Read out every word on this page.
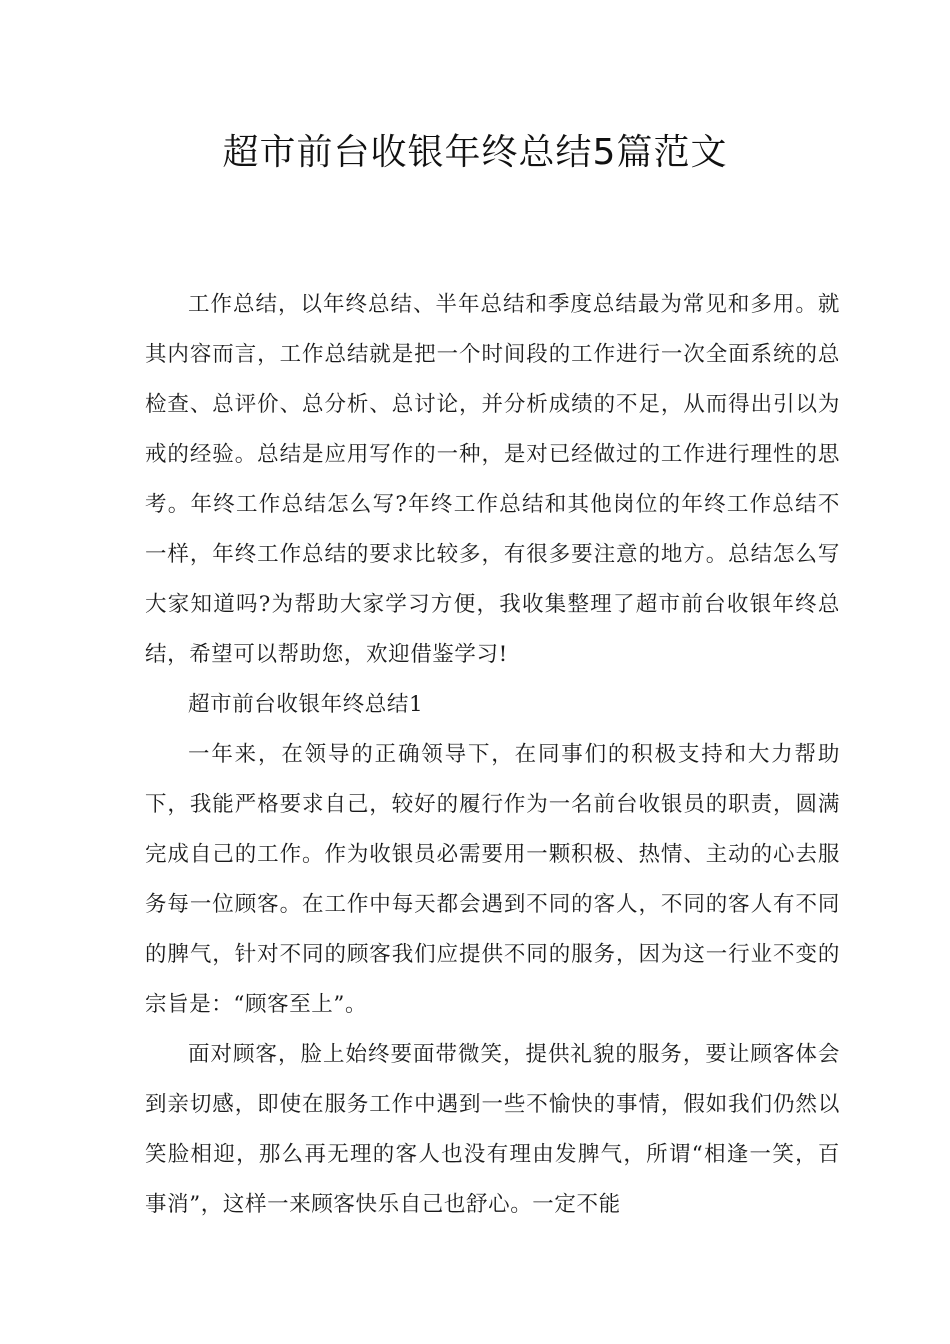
超市前台收银年终总结5篇范文

工作总结，以年终总结、半年总结和季度总结最为常见和多用。就其内容而言，工作总结就是把一个时间段的工作进行一次全面系统的总检查、总评价、总分析、总讨论，并分析成绩的不足，从而得出引以为戒的经验。总结是应用写作的一种，是对已经做过的工作进行理性的思考。年终工作总结怎么写?年终工作总结和其他岗位的年终工作总结不一样，年终工作总结的要求比较多，有很多要注意的地方。总结怎么写大家知道吗?为帮助大家学习方便，我收集整理了超市前台收银年终总结，希望可以帮助您，欢迎借鉴学习!

超市前台收银年终总结1

一年来，在领导的正确领导下，在同事们的积极支持和大力帮助下，我能严格要求自己，较好的履行作为一名前台收银员的职责，圆满完成自己的工作。作为收银员必需要用一颗积极、热情、主动的心去服务每一位顾客。在工作中每天都会遇到不同的客人，不同的客人有不同的脾气，针对不同的顾客我们应提供不同的服务，因为这一行业不变的宗旨是：“顾客至上”。

面对顾客，脸上始终要面带微笑，提供礼貌的服务，要让顾客体会到亲切感，即使在服务工作中遇到一些不愉快的事情，假如我们仍然以笑脸相迎，那么再无理的客人也没有理由发脾气，所谓“相逢一笑，百事消”，这样一来顾客快乐自己也舒心。一定不能
